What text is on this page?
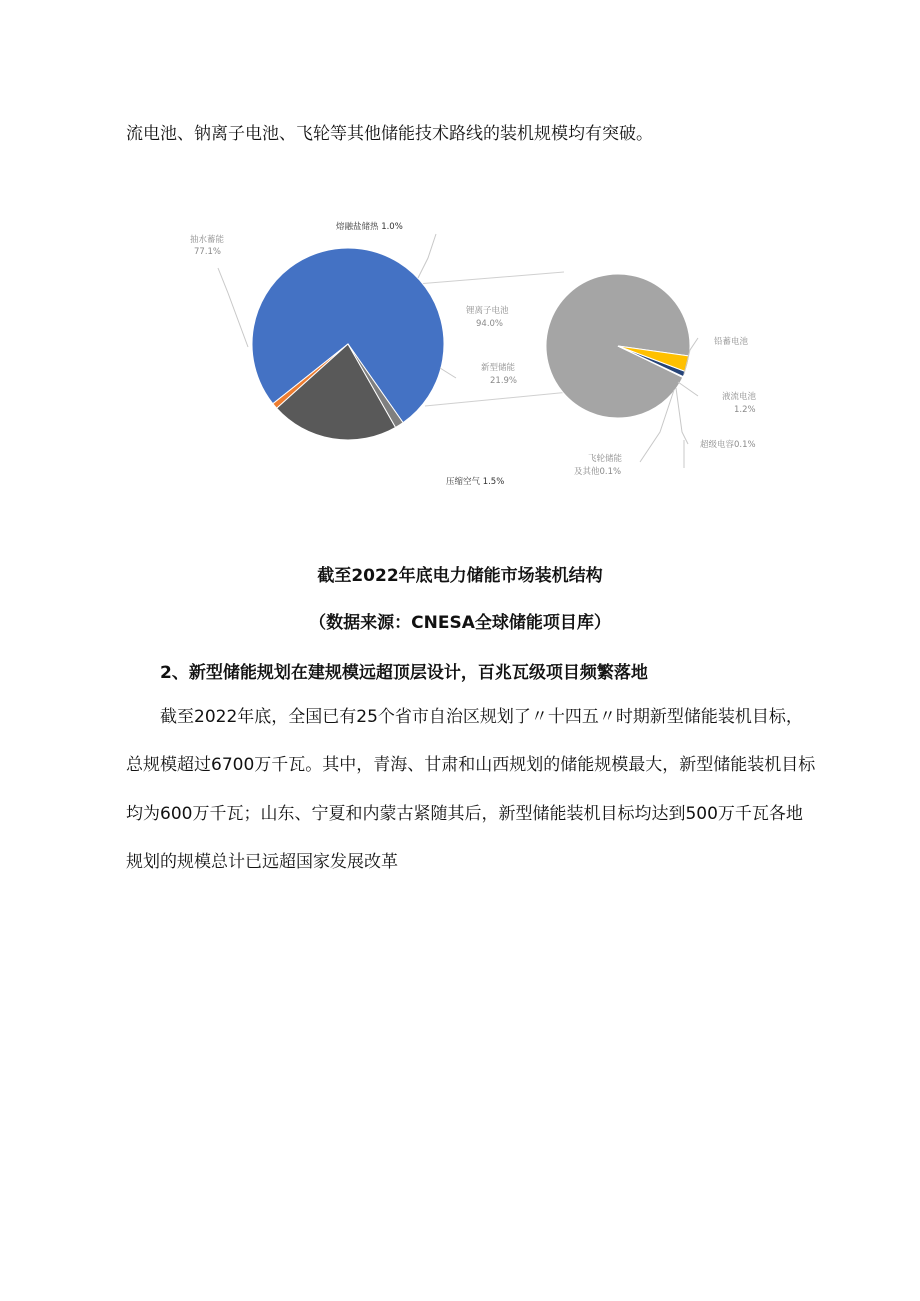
流电池、钠离子电池、飞轮等其他储能技术路线的装机规模均有突破。
抽水蓄能
77.1%
熔融盐储热 1.0%
锂离子电池
94.0%
新型储能
21.9%
铅蓄电池
液流电池
1.2%
超级电容0.1%
飞轮储能
及其他0.1%
压缩空气 1.5%
截至2022年底电力储能市场装机结构
（数据来源：CNESA全球储能项目库）
2、新型储能规划在建规模远超顶层设计，百兆瓦级项目频繁落地
截至2022年底，全国已有25个省市自治区规划了〃十四五〃时期新型储能装机目标，
总规模超过6700万千瓦。其中，青海、甘肃和山西规划的储能规模最大，新型储能装机目标
均为600万千瓦；山东、宁夏和内蒙古紧随其后，新型储能装机目标均达到500万千瓦各地
规划的规模总计已远超国家发展改革
